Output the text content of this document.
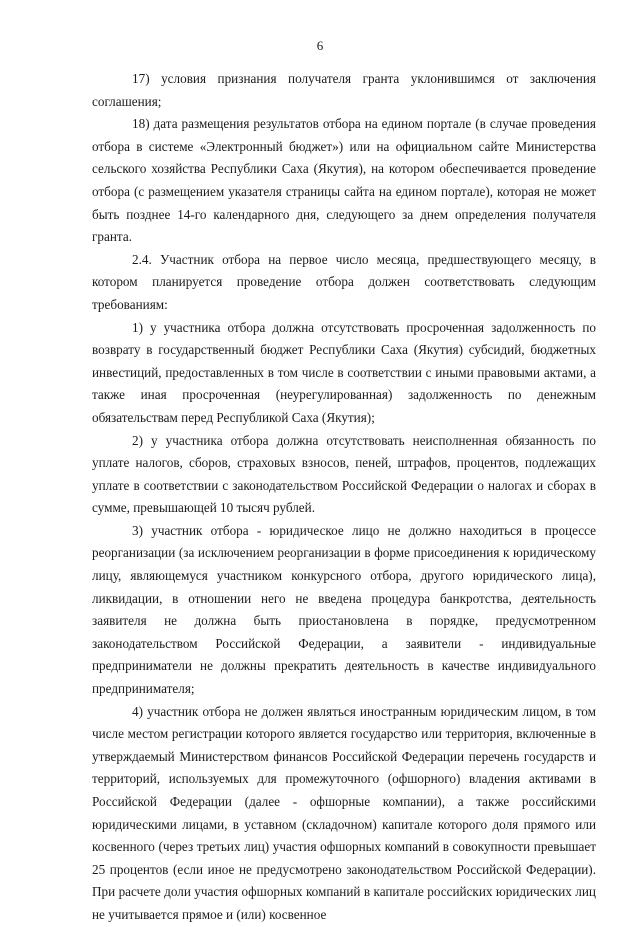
6

17) условия признания получателя гранта уклонившимся от заключения соглашения;

18) дата размещения результатов отбора на едином портале (в случае проведения отбора в системе «Электронный бюджет») или на официальном сайте Министерства сельского хозяйства Республики Саха (Якутия), на котором обеспечивается проведение отбора (с размещением указателя страницы сайта на едином портале), которая не может быть позднее 14-го календарного дня, следующего за днем определения получателя гранта.

2.4. Участник отбора на первое число месяца, предшествующего месяцу, в котором планируется проведение отбора должен соответствовать следующим требованиям:

1) у участника отбора должна отсутствовать просроченная задолженность по возврату в государственный бюджет Республики Саха (Якутия) субсидий, бюджетных инвестиций, предоставленных в том числе в соответствии с иными правовыми актами, а также иная просроченная (неурегулированная) задолженность по денежным обязательствам перед Республикой Саха (Якутия);

2) у участника отбора должна отсутствовать неисполненная обязанность по уплате налогов, сборов, страховых взносов, пеней, штрафов, процентов, подлежащих уплате в соответствии с законодательством Российской Федерации о налогах и сборах в сумме, превышающей 10 тысяч рублей.

3) участник отбора - юридическое лицо не должно находиться в процессе реорганизации (за исключением реорганизации в форме присоединения к юридическому лицу, являющемуся участником конкурсного отбора, другого юридического лица), ликвидации, в отношении него не введена процедура банкротства, деятельность заявителя не должна быть приостановлена в порядке, предусмотренном законодательством Российской Федерации, а заявители - индивидуальные предприниматели не должны прекратить деятельность в качестве индивидуального предпринимателя;

4) участник отбора не должен являться иностранным юридическим лицом, в том числе местом регистрации которого является государство или территория, включенные в утверждаемый Министерством финансов Российской Федерации перечень государств и территорий, используемых для промежуточного (офшорного) владения активами в Российской Федерации (далее - офшорные компании), а также российскими юридическими лицами, в уставном (складочном) капитале которого доля прямого или косвенного (через третьих лиц) участия офшорных компаний в совокупности превышает 25 процентов (если иное не предусмотрено законодательством Российской Федерации). При расчете доли участия офшорных компаний в капитале российских юридических лиц не учитывается прямое и (или) косвенное
